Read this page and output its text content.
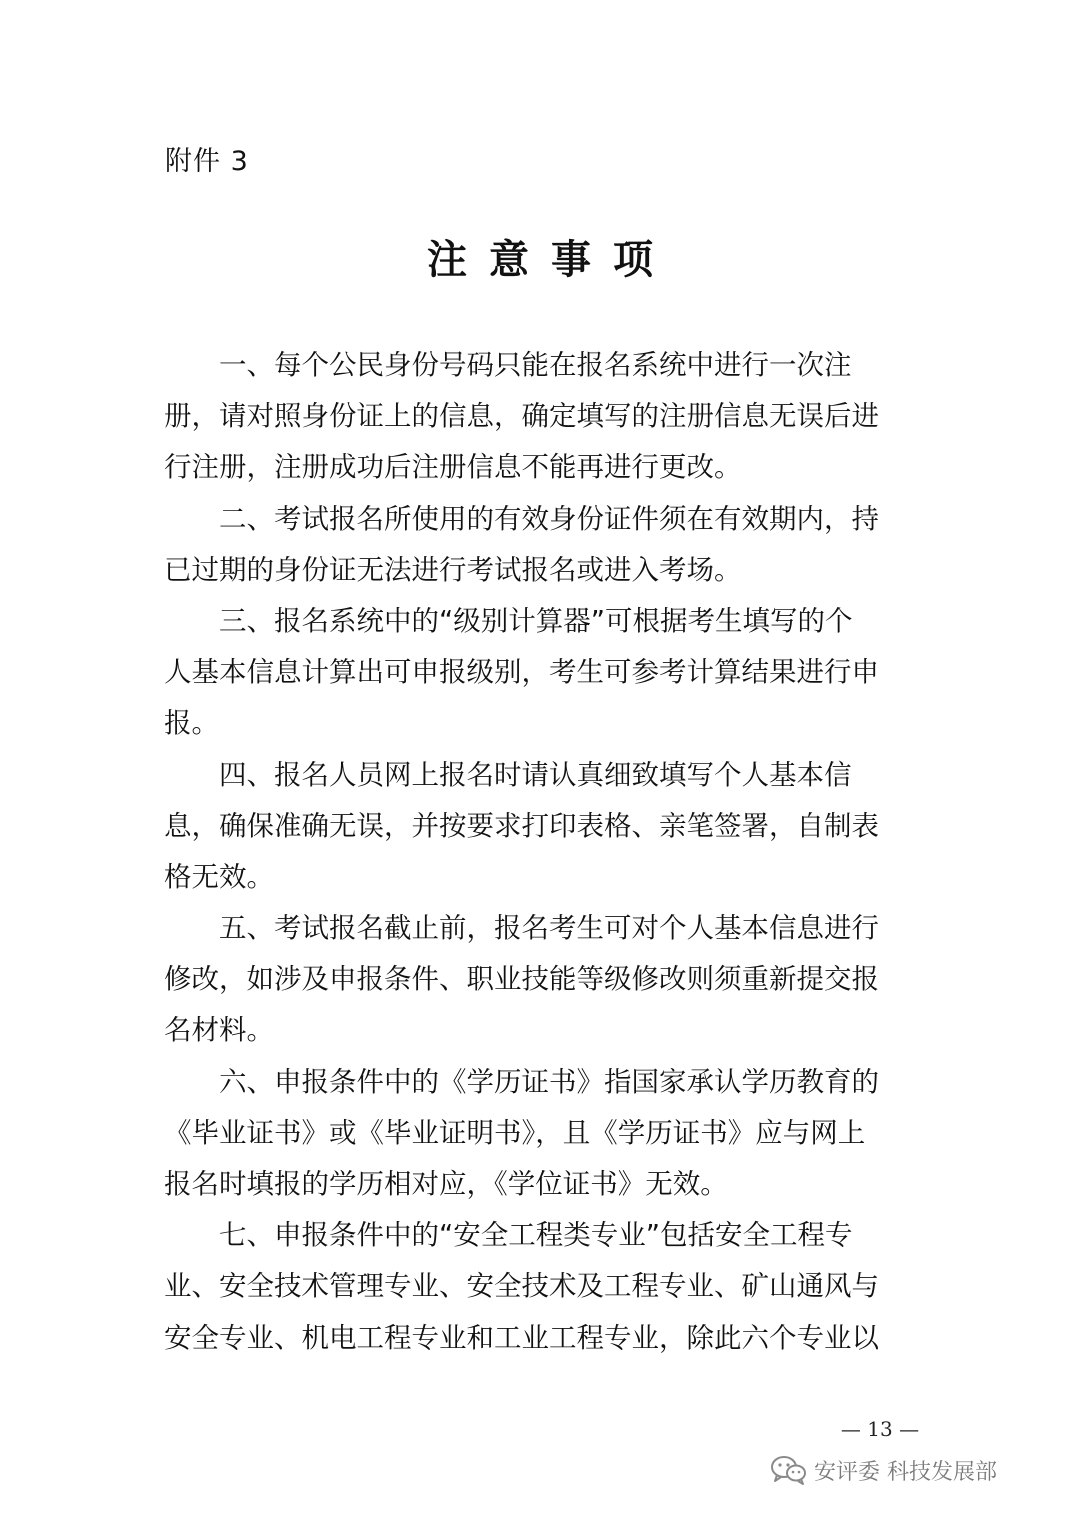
附件 3
注意事项
　　一、每个公民身份号码只能在报名系统中进行一次注
册，请对照身份证上的信息，确定填写的注册信息无误后进
行注册，注册成功后注册信息不能再进行更改。
　　二、考试报名所使用的有效身份证件须在有效期内，持
已过期的身份证无法进行考试报名或进入考场。
　　三、报名系统中的“级别计算器”可根据考生填写的个
人基本信息计算出可申报级别，考生可参考计算结果进行申
报。
　　四、报名人员网上报名时请认真细致填写个人基本信
息，确保准确无误，并按要求打印表格、亲笔签署，自制表
格无效。
　　五、考试报名截止前，报名考生可对个人基本信息进行
修改，如涉及申报条件、职业技能等级修改则须重新提交报
名材料。
　　六、申报条件中的《学历证书》指国家承认学历教育的
《毕业证书》或《毕业证明书》，且《学历证书》应与网上
报名时填报的学历相对应，《学位证书》无效。
　　七、申报条件中的“安全工程类专业”包括安全工程专
业、安全技术管理专业、安全技术及工程专业、矿山通风与
安全专业、机电工程专业和工业工程专业，除此六个专业以
— 13 —
安评委 科技发展部
